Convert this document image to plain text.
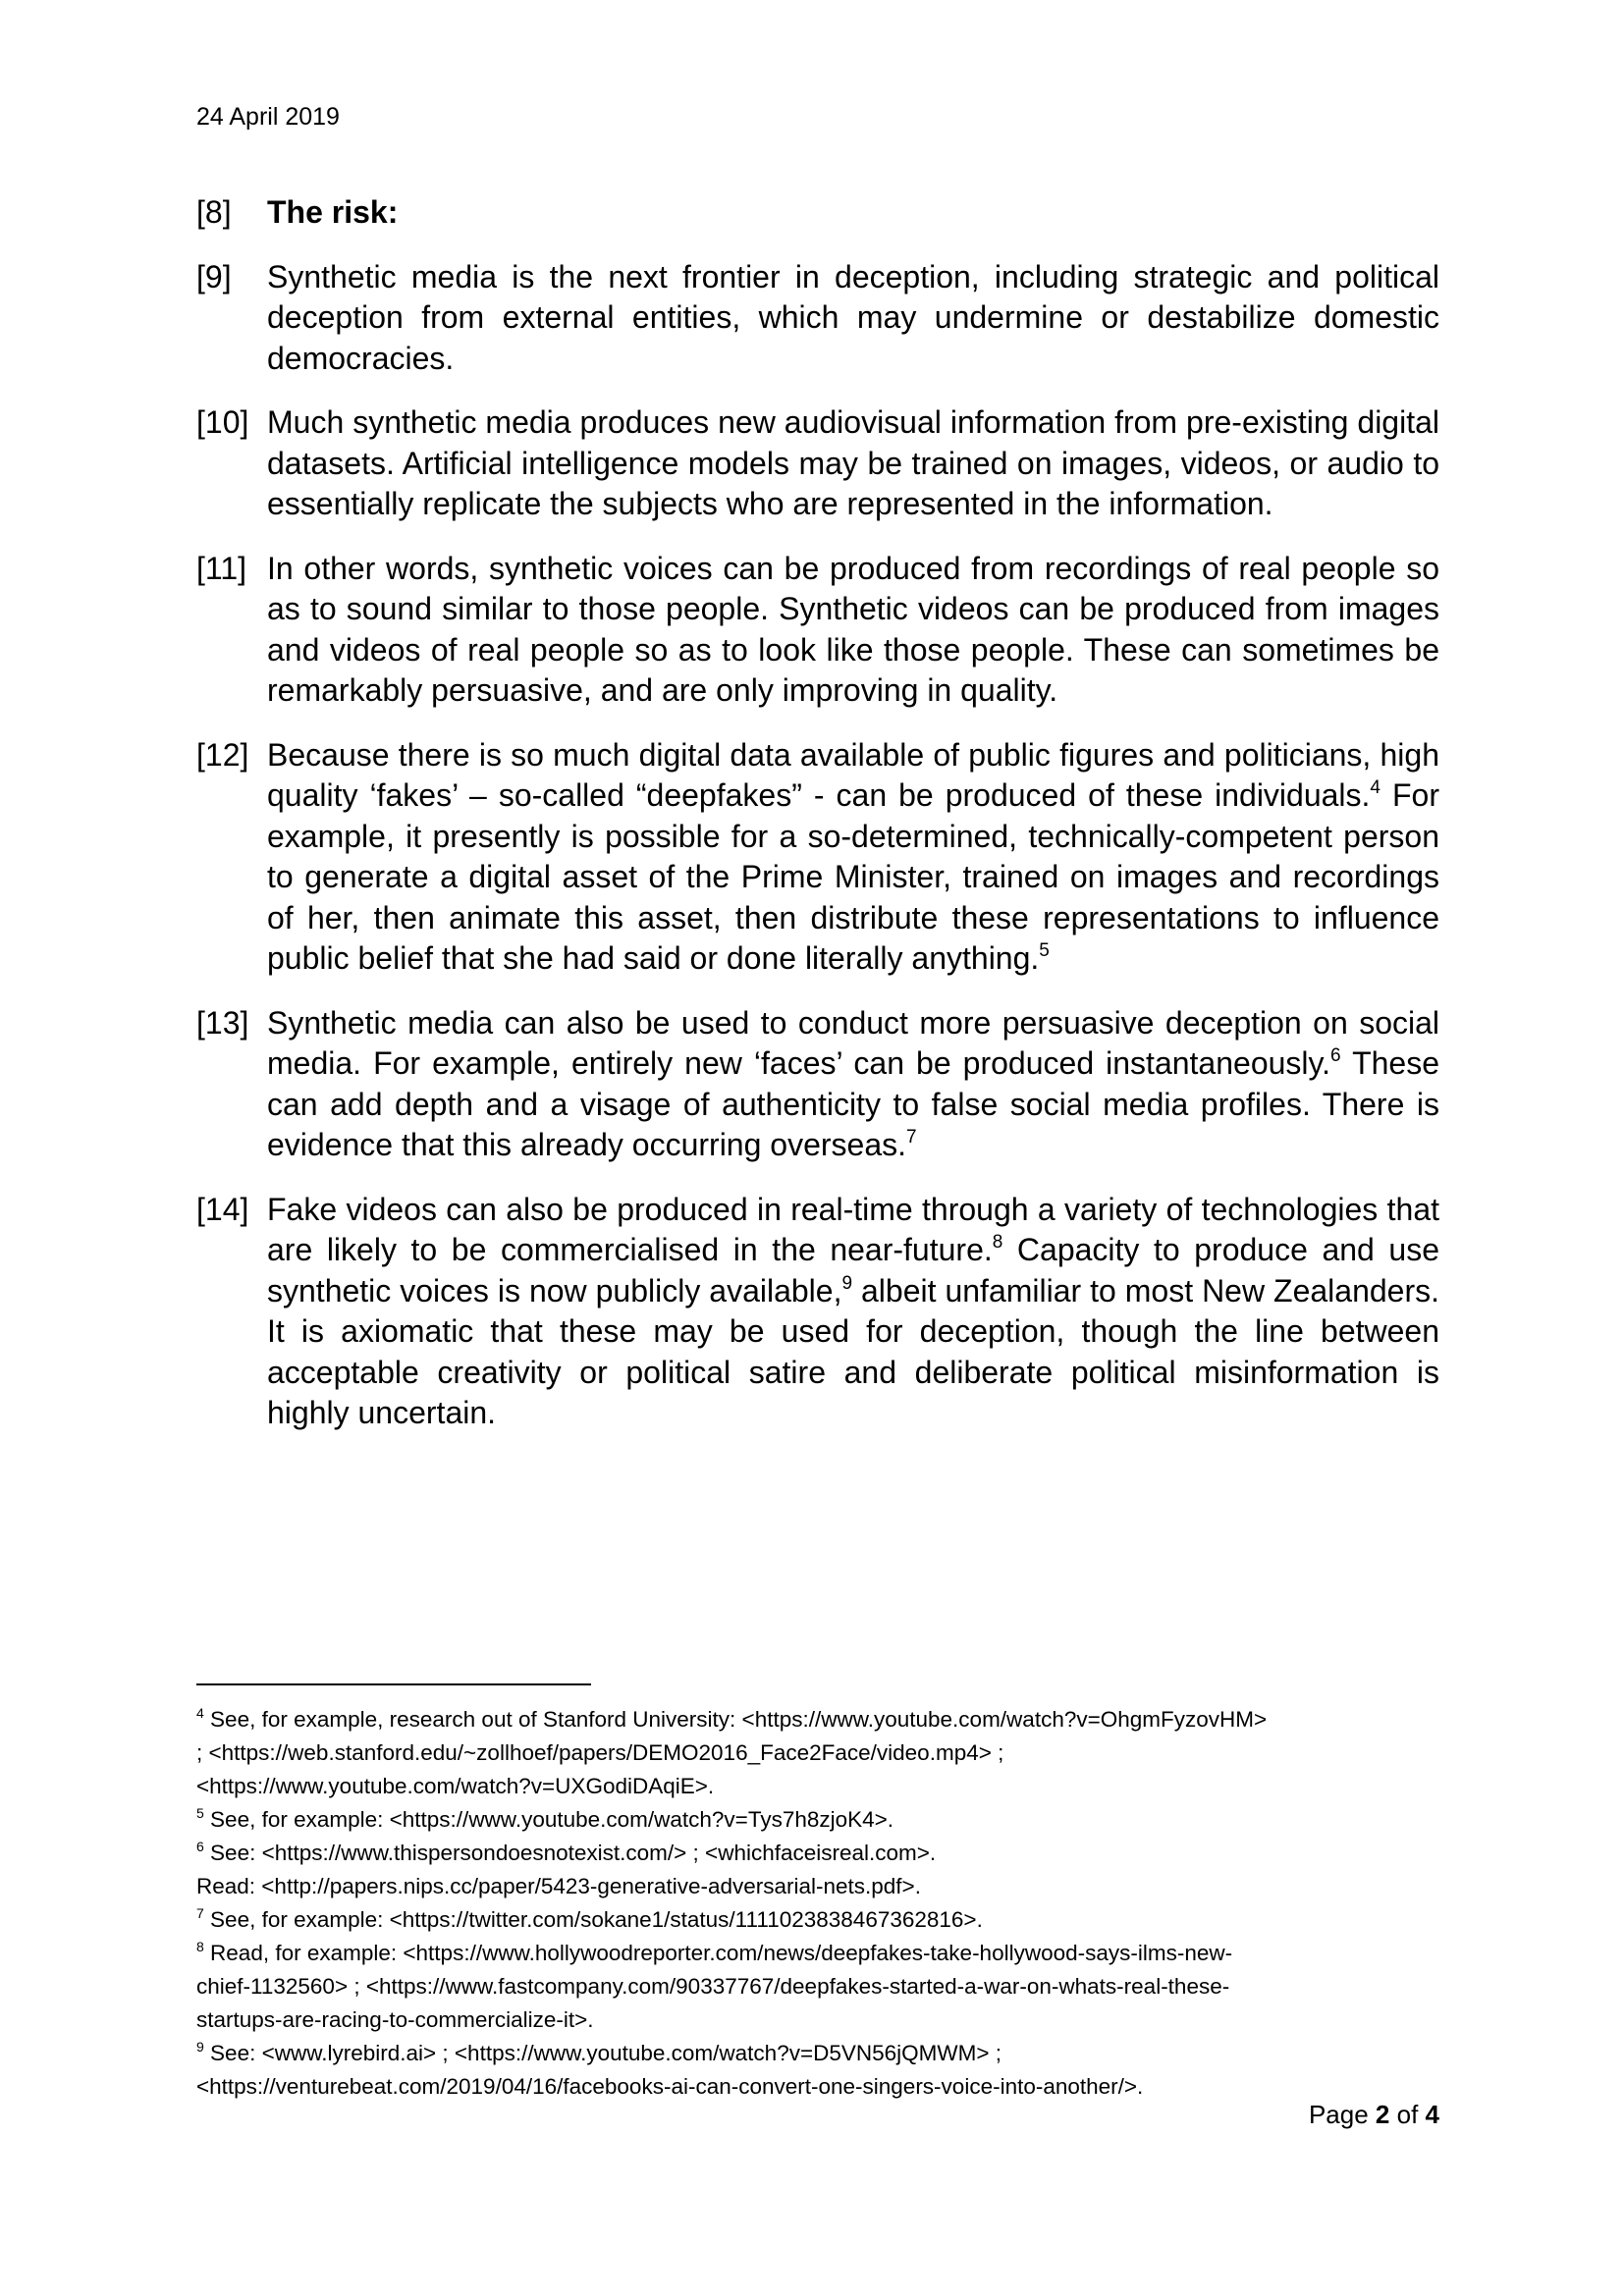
24 April 2019
[8]	The risk:
[9]	Synthetic media is the next frontier in deception, including strategic and political deception from external entities, which may undermine or destabilize domestic democracies.
[10] Much synthetic media produces new audiovisual information from pre-existing digital datasets. Artificial intelligence models may be trained on images, videos, or audio to essentially replicate the subjects who are represented in the information.
[11] In other words, synthetic voices can be produced from recordings of real people so as to sound similar to those people. Synthetic videos can be produced from images and videos of real people so as to look like those people. These can sometimes be remarkably persuasive, and are only improving in quality.
[12] Because there is so much digital data available of public figures and politicians, high quality ‘fakes’ – so-called “deepfakes” - can be produced of these individuals.$^4$ For example, it presently is possible for a so-determined, technically-competent person to generate a digital asset of the Prime Minister, trained on images and recordings of her, then animate this asset, then distribute these representations to influence public belief that she had said or done literally anything.$^5$
[13] Synthetic media can also be used to conduct more persuasive deception on social media. For example, entirely new ‘faces’ can be produced instantaneously.$^6$ These can add depth and a visage of authenticity to false social media profiles. There is evidence that this already occurring overseas.$^7$
[14] Fake videos can also be produced in real-time through a variety of technologies that are likely to be commercialised in the near-future.$^8$ Capacity to produce and use synthetic voices is now publicly available,$^9$ albeit unfamiliar to most New Zealanders. It is axiomatic that these may be used for deception, though the line between acceptable creativity or political satire and deliberate political misinformation is highly uncertain.
$^4$ See, for example, research out of Stanford University: <https://www.youtube.com/watch?v=OhgmFyzovHM>
; <https://web.stanford.edu/~zollhoef/papers/DEMO2016_Face2Face/video.mp4> ;
<https://www.youtube.com/watch?v=UXGodiDAqiE>.
$^5$ See, for example: <https://www.youtube.com/watch?v=Tys7h8zjoK4>.
$^6$ See: <https://www.thispersondoesnotexist.com/> ; <whichfaceisreal.com>.
Read: <http://papers.nips.cc/paper/5423-generative-adversarial-nets.pdf>.
$^7$ See, for example: <https://twitter.com/sokane1/status/1111023838467362816>.
$^8$ Read, for example: <https://www.hollywoodreporter.com/news/deepfakes-take-hollywood-says-ilms-new-
chief-1132560> ; <https://www.fastcompany.com/90337767/deepfakes-started-a-war-on-whats-real-these-
startups-are-racing-to-commercialize-it>.
$^9$ See: <www.lyrebird.ai> ; <https://www.youtube.com/watch?v=D5VN56jQMWM> ;
<https://venturebeat.com/2019/04/16/facebooks-ai-can-convert-one-singers-voice-into-another/>.
Page 2 of 4
